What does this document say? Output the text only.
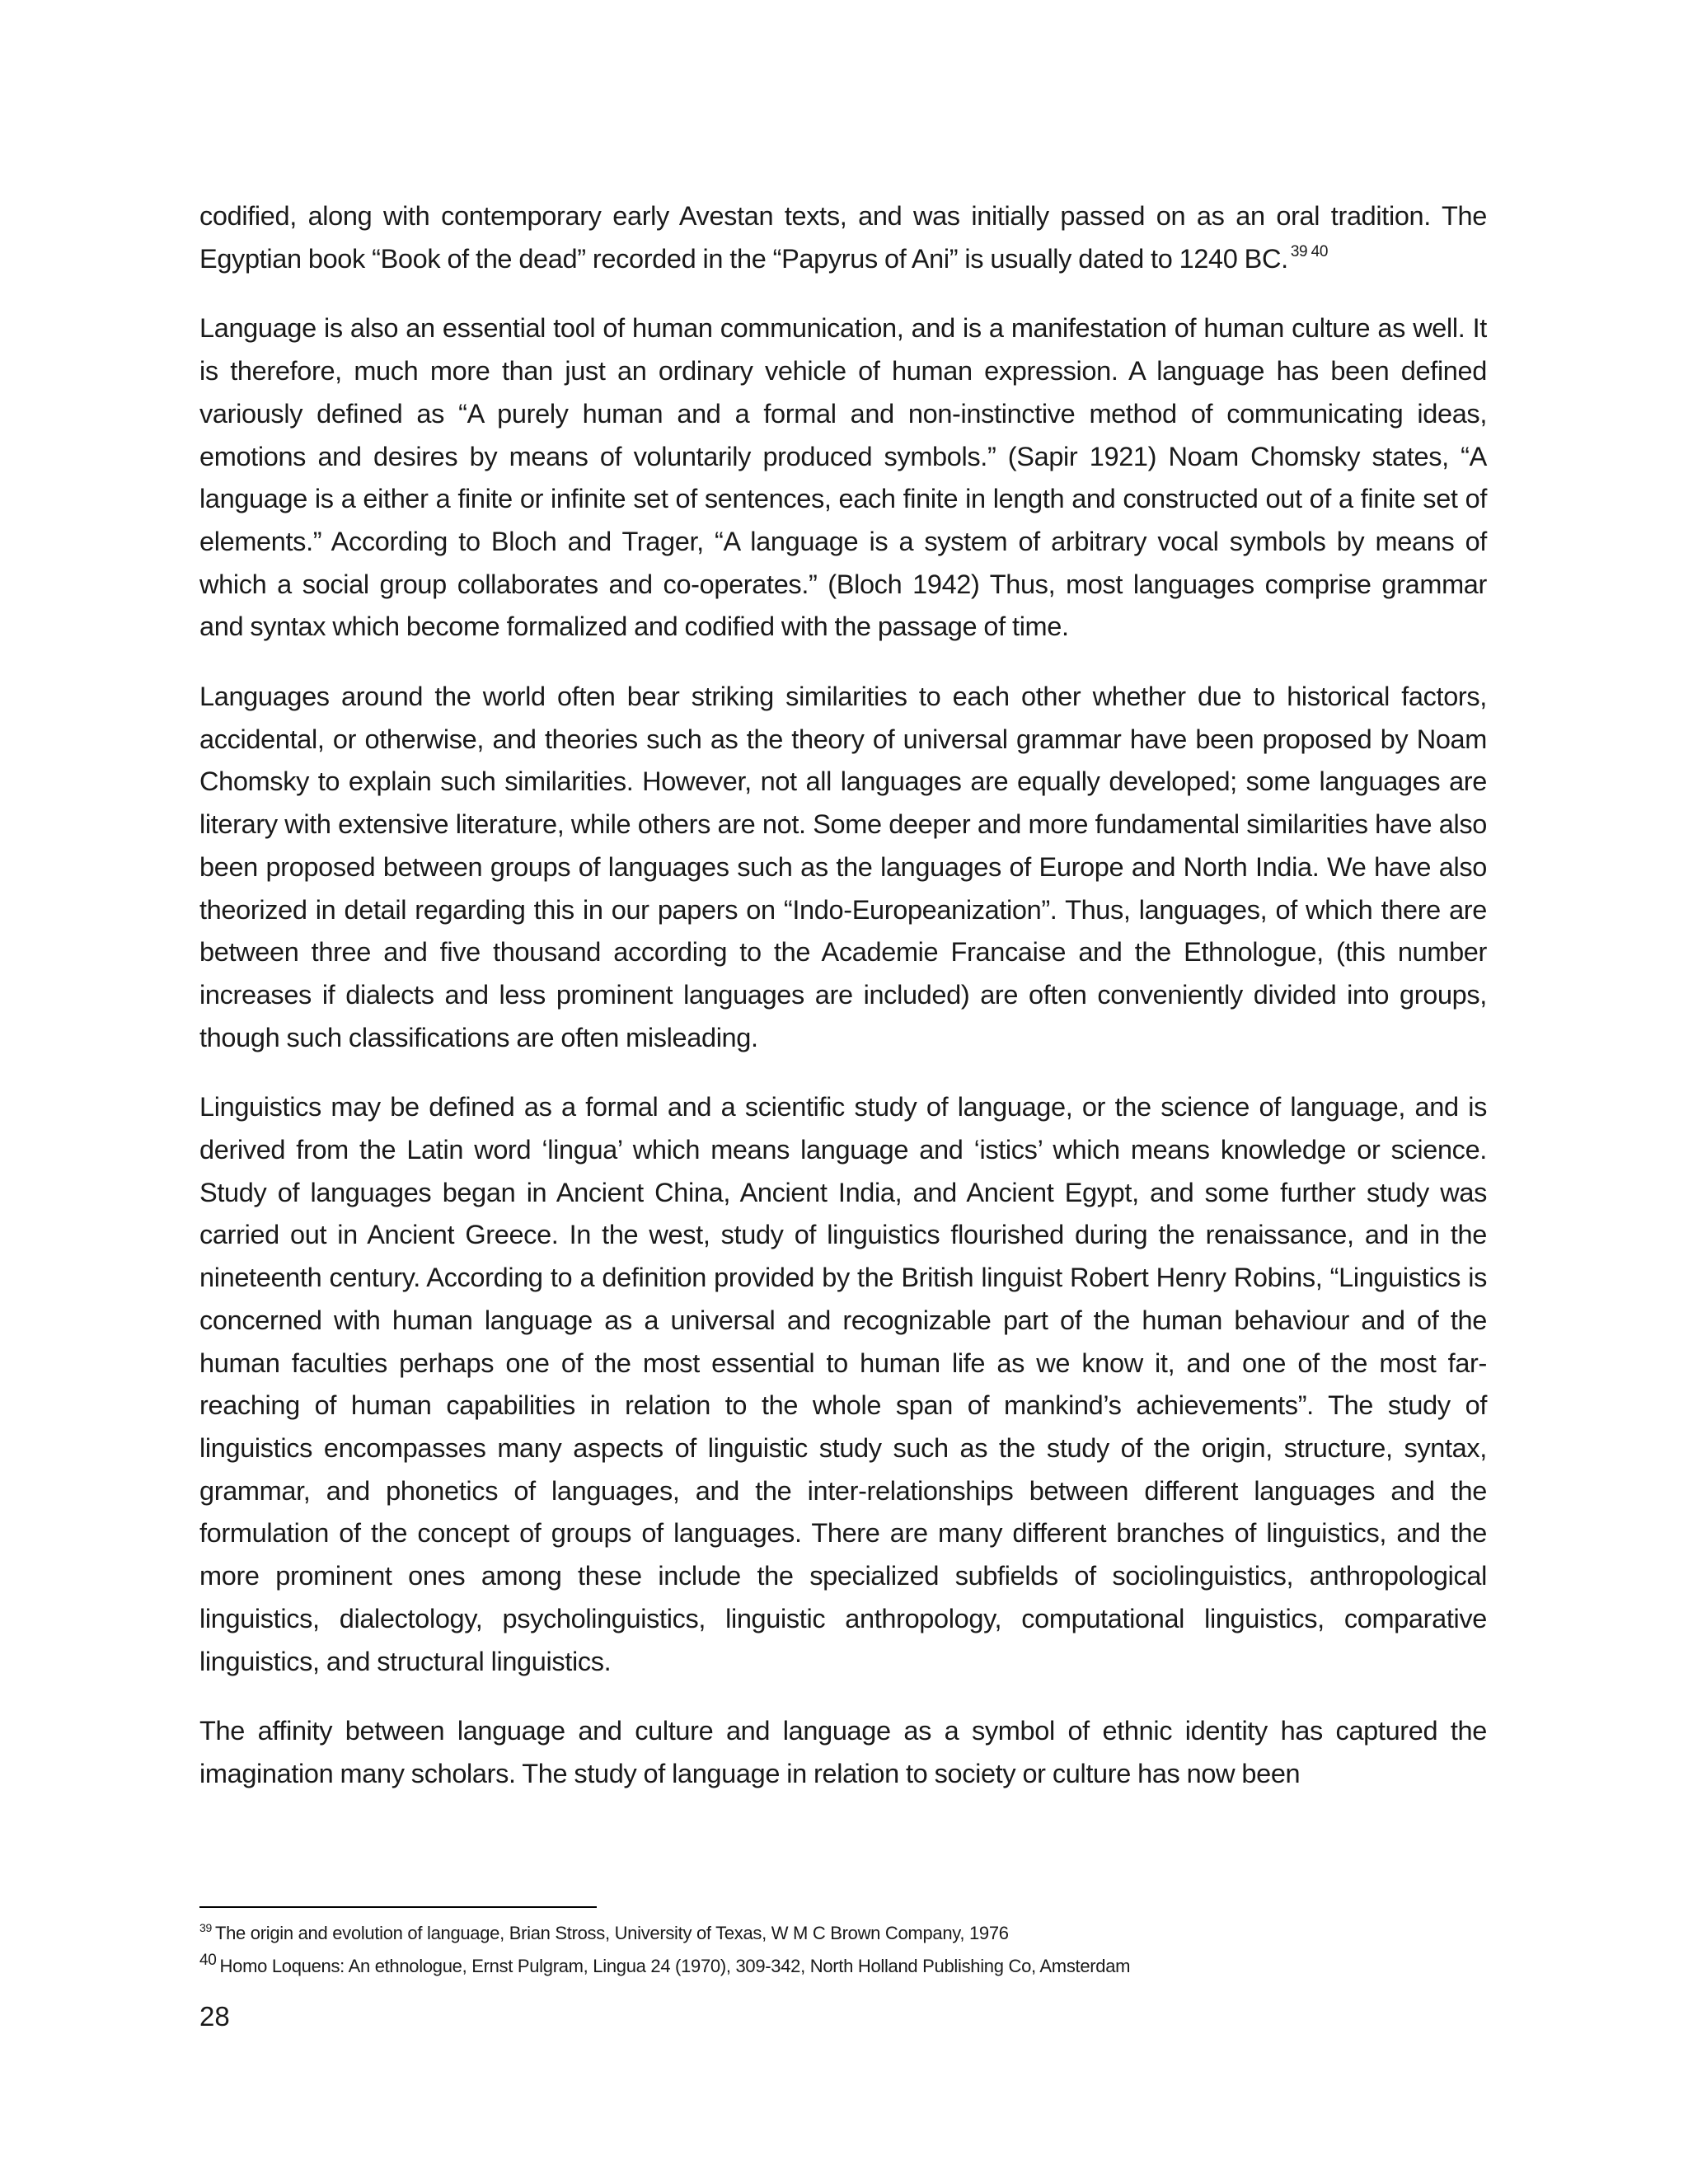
codified, along with contemporary early Avestan texts, and was initially passed on as an oral tradition. The Egyptian book “Book of the dead” recorded in the “Papyrus of Ani” is usually dated to 1240 BC. $^{39 40}$

Language is also an essential tool of human communication, and is a manifestation of human culture as well. It is therefore, much more than just an ordinary vehicle of human expression. A language has been defined variously defined as “A purely human and a formal and non-instinctive method of communicating ideas, emotions and desires by means of voluntarily produced symbols.” (Sapir 1921) Noam Chomsky states, “A language is a either a finite or infinite set of sentences, each finite in length and constructed out of a finite set of elements.” According to Bloch and Trager, “A language is a system of arbitrary vocal symbols by means of which a social group collaborates and co-operates.” (Bloch 1942) Thus, most languages comprise grammar and syntax which become formalized and codified with the passage of time.

Languages around the world often bear striking similarities to each other whether due to historical factors, accidental, or otherwise, and theories such as the theory of universal grammar have been proposed by Noam Chomsky to explain such similarities. However, not all languages are equally developed; some languages are literary with extensive literature, while others are not. Some deeper and more fundamental similarities have also been proposed between groups of languages such as the languages of Europe and North India. We have also theorized in detail regarding this in our papers on “Indo-Europeanization”. Thus, languages, of which there are between three and five thousand according to the Academie Francaise and the Ethnologue, (this number increases if dialects and less prominent languages are included) are often conveniently divided into groups, though such classifications are often misleading.

Linguistics may be defined as a formal and a scientific study of language, or the science of language, and is derived from the Latin word ‘lingua’ which means language and ‘istics’ which means knowledge or science. Study of languages began in Ancient China, Ancient India, and Ancient Egypt, and some further study was carried out in Ancient Greece. In the west, study of linguistics flourished during the renaissance, and in the nineteenth century. According to a definition provided by the British linguist Robert Henry Robins, “Linguistics is concerned with human language as a universal and recognizable part of the human behaviour and of the human faculties perhaps one of the most essential to human life as we know it, and one of the most far-reaching of human capabilities in relation to the whole span of mankind’s achievements”. The study of linguistics encompasses many aspects of linguistic study such as the study of the origin, structure, syntax, grammar, and phonetics of languages, and the inter-relationships between different languages and the formulation of the concept of groups of languages. There are many different branches of linguistics, and the more prominent ones among these include the specialized subfields of sociolinguistics, anthropological linguistics, dialectology, psycholinguistics, linguistic anthropology, computational linguistics, comparative linguistics, and structural linguistics.

The affinity between language and culture and language as a symbol of ethnic identity has captured the imagination many scholars. The study of language in relation to society or culture has now been

$^{39}$ The origin and evolution of language, Brian Stross, University of Texas, W M C Brown Company, 1976

$^{40}$ Homo Loquens: An ethnologue, Ernst Pulgram, Lingua 24 (1970), 309-342, North Holland Publishing Co, Amsterdam

28
